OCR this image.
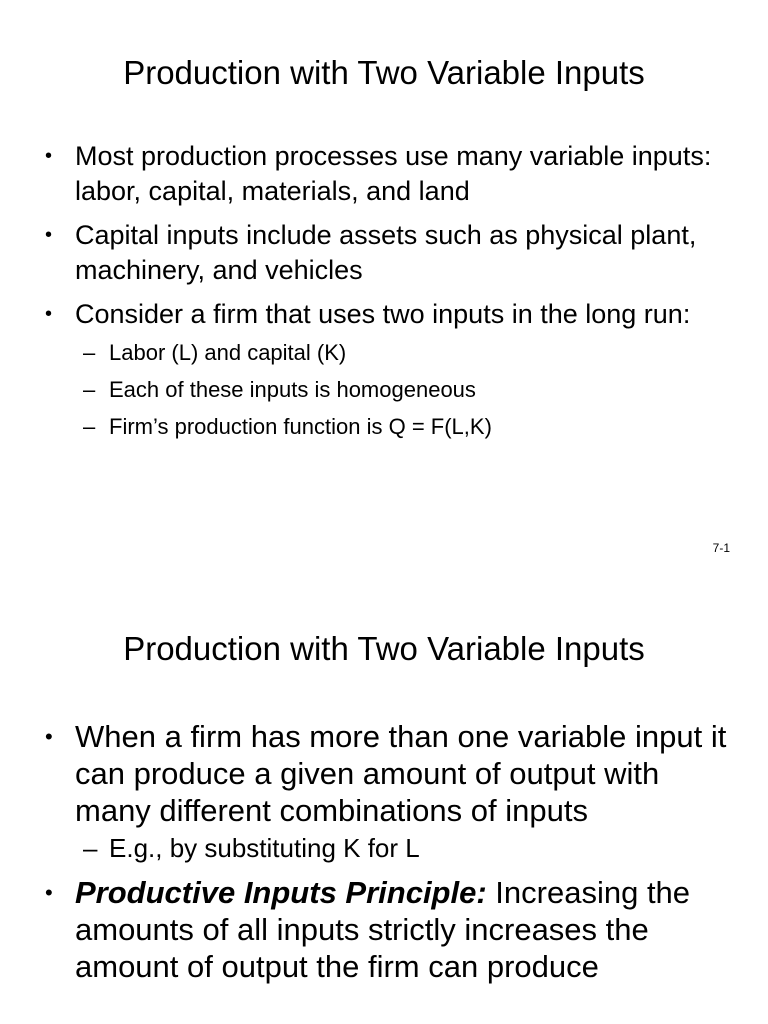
Production with Two Variable Inputs
• Most production processes use many variable inputs: labor, capital, materials, and land
• Capital inputs include assets such as physical plant, machinery, and vehicles
• Consider a firm that uses two inputs in the long run:
– Labor (L) and capital (K)
– Each of these inputs is homogeneous
– Firm’s production function is Q = F(L,K)
7-1
Production with Two Variable Inputs
• When a firm has more than one variable input it can produce a given amount of output with many different combinations of inputs
– E.g., by substituting K for L
• Productive Inputs Principle: Increasing the amounts of all inputs strictly increases the amount of output the firm can produce
